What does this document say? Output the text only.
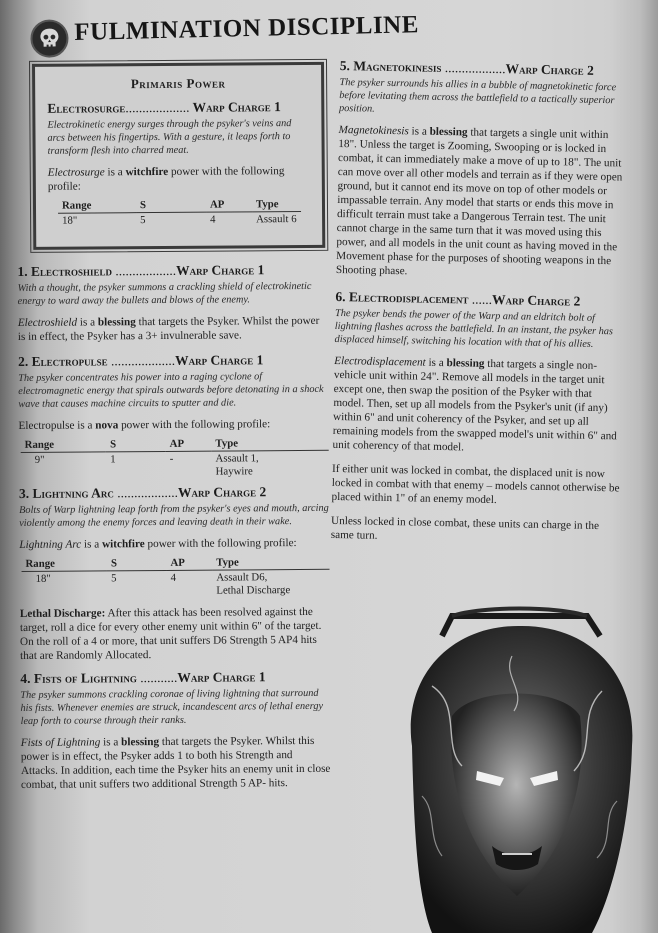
FULMINATION DISCIPLINE
Primaris Power

Electrosurge................... Warp Charge 1

Electrokinetic energy surges through the psyker's veins and arcs between his fingertips. With a gesture, it leaps forth to transform flesh into charred meat.

Electrosurge is a witchfire power with the following profile:

Range	S	AP	Type
18"	5	4	Assault 6

1. Electroshield ..................Warp Charge 1

With a thought, the psyker summons a crackling shield of electrokinetic energy to ward away the bullets and blows of the enemy.

Electroshield is a blessing that targets the Psyker. Whilst the power is in effect, the Psyker has a 3+ invulnerable save.

2. Electropulse ...................Warp Charge 1

The psyker concentrates his power into a raging cyclone of electromagnetic energy that spirals outwards before detonating in a shock wave that causes machine circuits to sputter and die.

Electropulse is a nova power with the following profile:

Range	S	AP	Type
9"	1	-	Assault 1,
Haywire

3. Lightning Arc ..................Warp Charge 2

Bolts of Warp lightning leap forth from the psyker's eyes and mouth, arcing violently among the enemy forces and leaving death in their wake.

Lightning Arc is a witchfire power with the following profile:

Range	S	AP	Type
18"	5	4	Assault D6,
Lethal Discharge

Lethal Discharge: After this attack has been resolved against the target, roll a dice for every other enemy unit within 6" of the target. On the roll of a 4 or more, that unit suffers D6 Strength 5 AP4 hits that are Randomly Allocated.

4. Fists of Lightning ...........Warp Charge 1

The psyker summons crackling coronae of living lightning that surround his fists. Whenever enemies are struck, incandescent arcs of lethal energy leap forth to course through their ranks.

Fists of Lightning is a blessing that targets the Psyker. Whilst this power is in effect, the Psyker adds 1 to both his Strength and Attacks. In addition, each time the Psyker hits an enemy unit in close combat, that unit suffers two additional Strength 5 AP- hits.

5. Magnetokinesis ..................Warp Charge 2

The psyker surrounds his allies in a bubble of magnetokinetic force before levitating them across the battlefield to a tactically superior position.

Magnetokinesis is a blessing that targets a single unit within 18". Unless the target is Zooming, Swooping or is locked in combat, it can immediately make a move of up to 18". The unit can move over all other models and terrain as if they were open ground, but it cannot end its move on top of other models or impassable terrain. Any model that starts or ends this move in difficult terrain must take a Dangerous Terrain test. The unit cannot charge in the same turn that it was moved using this power, and all models in the unit count as having moved in the Movement phase for the purposes of shooting weapons in the Shooting phase.

6. Electrodisplacement ......Warp Charge 2

The psyker bends the power of the Warp and an eldritch bolt of lightning flashes across the battlefield. In an instant, the psyker has displaced himself, switching his location with that of his allies.

Electrodisplacement is a blessing that targets a single non-vehicle unit within 24". Remove all models in the target unit except one, then swap the position of the Psyker with that model. Then, set up all models from the Psyker's unit (if any) within 6" and unit coherency of the Psyker, and set up all remaining models from the swapped model's unit within 6" and unit coherency of that model.

If either unit was locked in combat, the displaced unit is now locked in combat with that enemy – models cannot otherwise be placed within 1" of an enemy model.

Unless locked in close combat, these units can charge in the same turn.
